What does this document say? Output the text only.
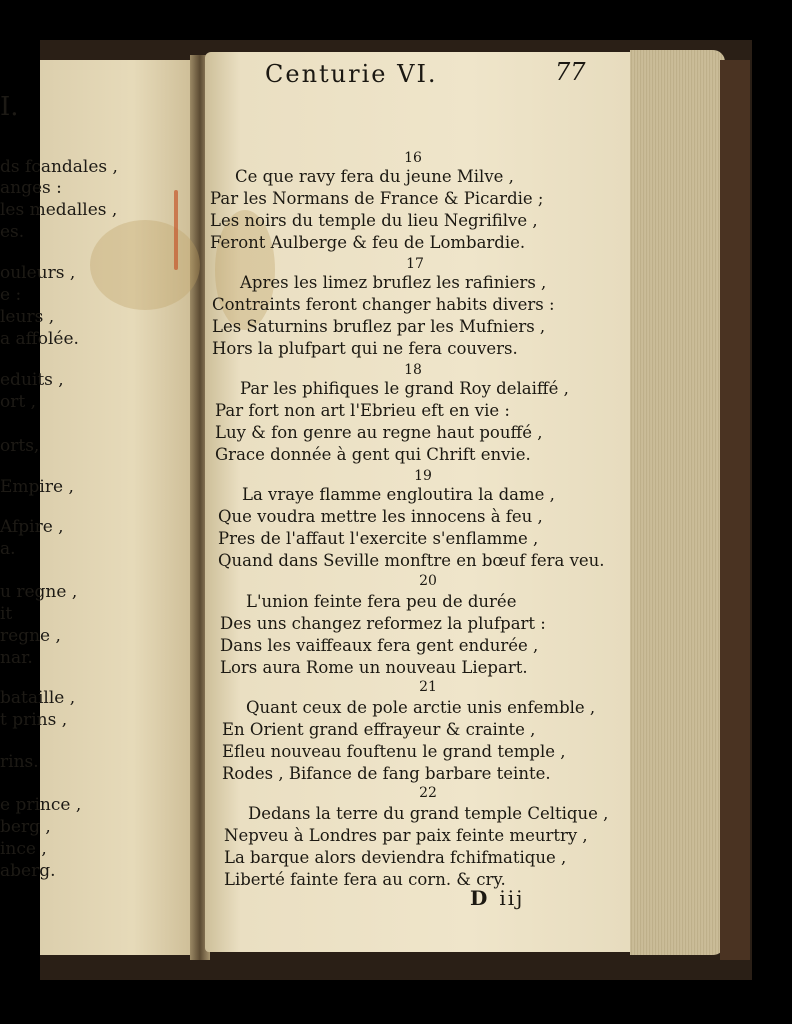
I.
ds fcandales ,
anges :
les medalles ,
es.
ouleurs ,
e :
leurs ,
a affolée.
eduits ,
ort ,
orts,
Empire ,
Afpire ,
a.
u regne ,
it
regne ,
nar.
bataille ,
t prins ,
rins.
e prince ,
berg ,
ince ,
aberg.
Centurie VI.	77
16
Ce que ravy fera du jeune Milve ,
Par les Normans de France & Picardie ;
Les noirs du temple du lieu Negrifilve ,
Feront Aulberge & feu de Lombardie.
17
Apres les limez bruflez les rafiniers ,
Contraints feront changer habits divers :
Les Saturnins bruflez par les Mufniers ,
Hors la plufpart qui ne fera couvers.
18
Par les phifiques le grand Roy delaiffé ,
Par fort non art l'Ebrieu eft en vie :
Luy & fon genre au regne haut pouffé ,
Grace donnée à gent qui Chrift envie.
19
La vraye flamme engloutira la dame ,
Que voudra mettre les innocens à feu ,
Pres de l'affaut l'exercite s'enflamme ,
Quand dans Seville monftre en bœuf fera veu.
20
L'union feinte fera peu de durée
Des uns changez reformez la plufpart :
Dans les vaiffeaux fera gent endurée ,
Lors aura Rome un nouveau Liepart.
21
Quant ceux de pole arctie unis enfemble ,
En Orient grand effrayeur & crainte ,
Efleu nouveau fouftenu le grand temple ,
Rodes , Bifance de fang barbare teinte.
22
Dedans la terre du grand temple Celtique ,
Nepveu à Londres par paix feinte meurtry ,
La barque alors deviendra fchifmatique ,
Liberté fainte fera au corn. & cry.
D iij
